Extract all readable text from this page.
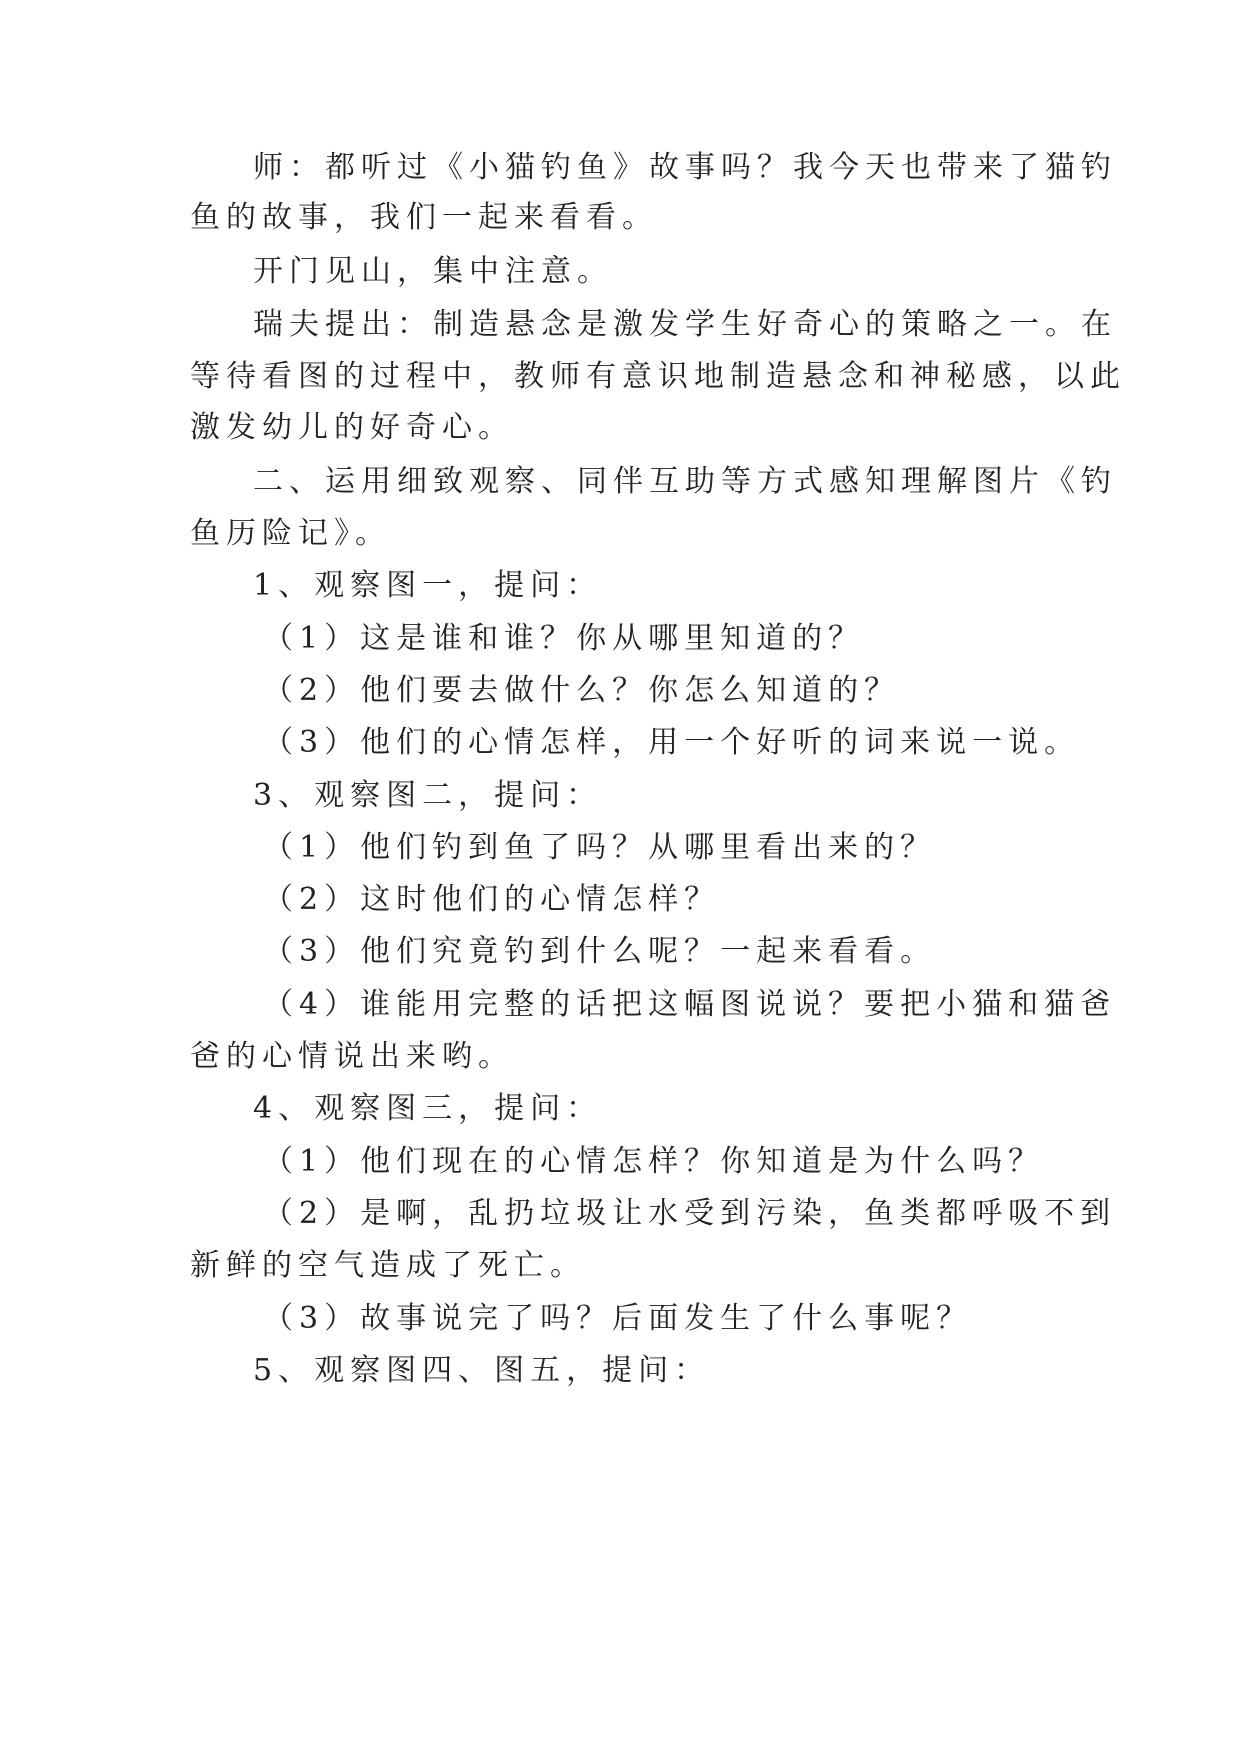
师：都听过《小猫钓鱼》故事吗？我今天也带来了猫钓
鱼的故事，我们一起来看看。
开门见山，集中注意。
瑞夫提出：制造悬念是激发学生好奇心的策略之一。在
等待看图的过程中，教师有意识地制造悬念和神秘感，以此
激发幼儿的好奇心。
二、运用细致观察、同伴互助等方式感知理解图片《钓
鱼历险记》。
1、观察图一，提问：
（1）这是谁和谁？你从哪里知道的？
（2）他们要去做什么？你怎么知道的？
（3）他们的心情怎样，用一个好听的词来说一说。
3、观察图二，提问：
（1）他们钓到鱼了吗？从哪里看出来的？
（2）这时他们的心情怎样？
（3）他们究竟钓到什么呢？一起来看看。
（4）谁能用完整的话把这幅图说说？要把小猫和猫爸
爸的心情说出来哟。
4、观察图三，提问：
（1）他们现在的心情怎样？你知道是为什么吗？
（2）是啊，乱扔垃圾让水受到污染，鱼类都呼吸不到
新鲜的空气造成了死亡。
（3）故事说完了吗？后面发生了什么事呢？
5、观察图四、图五，提问：
